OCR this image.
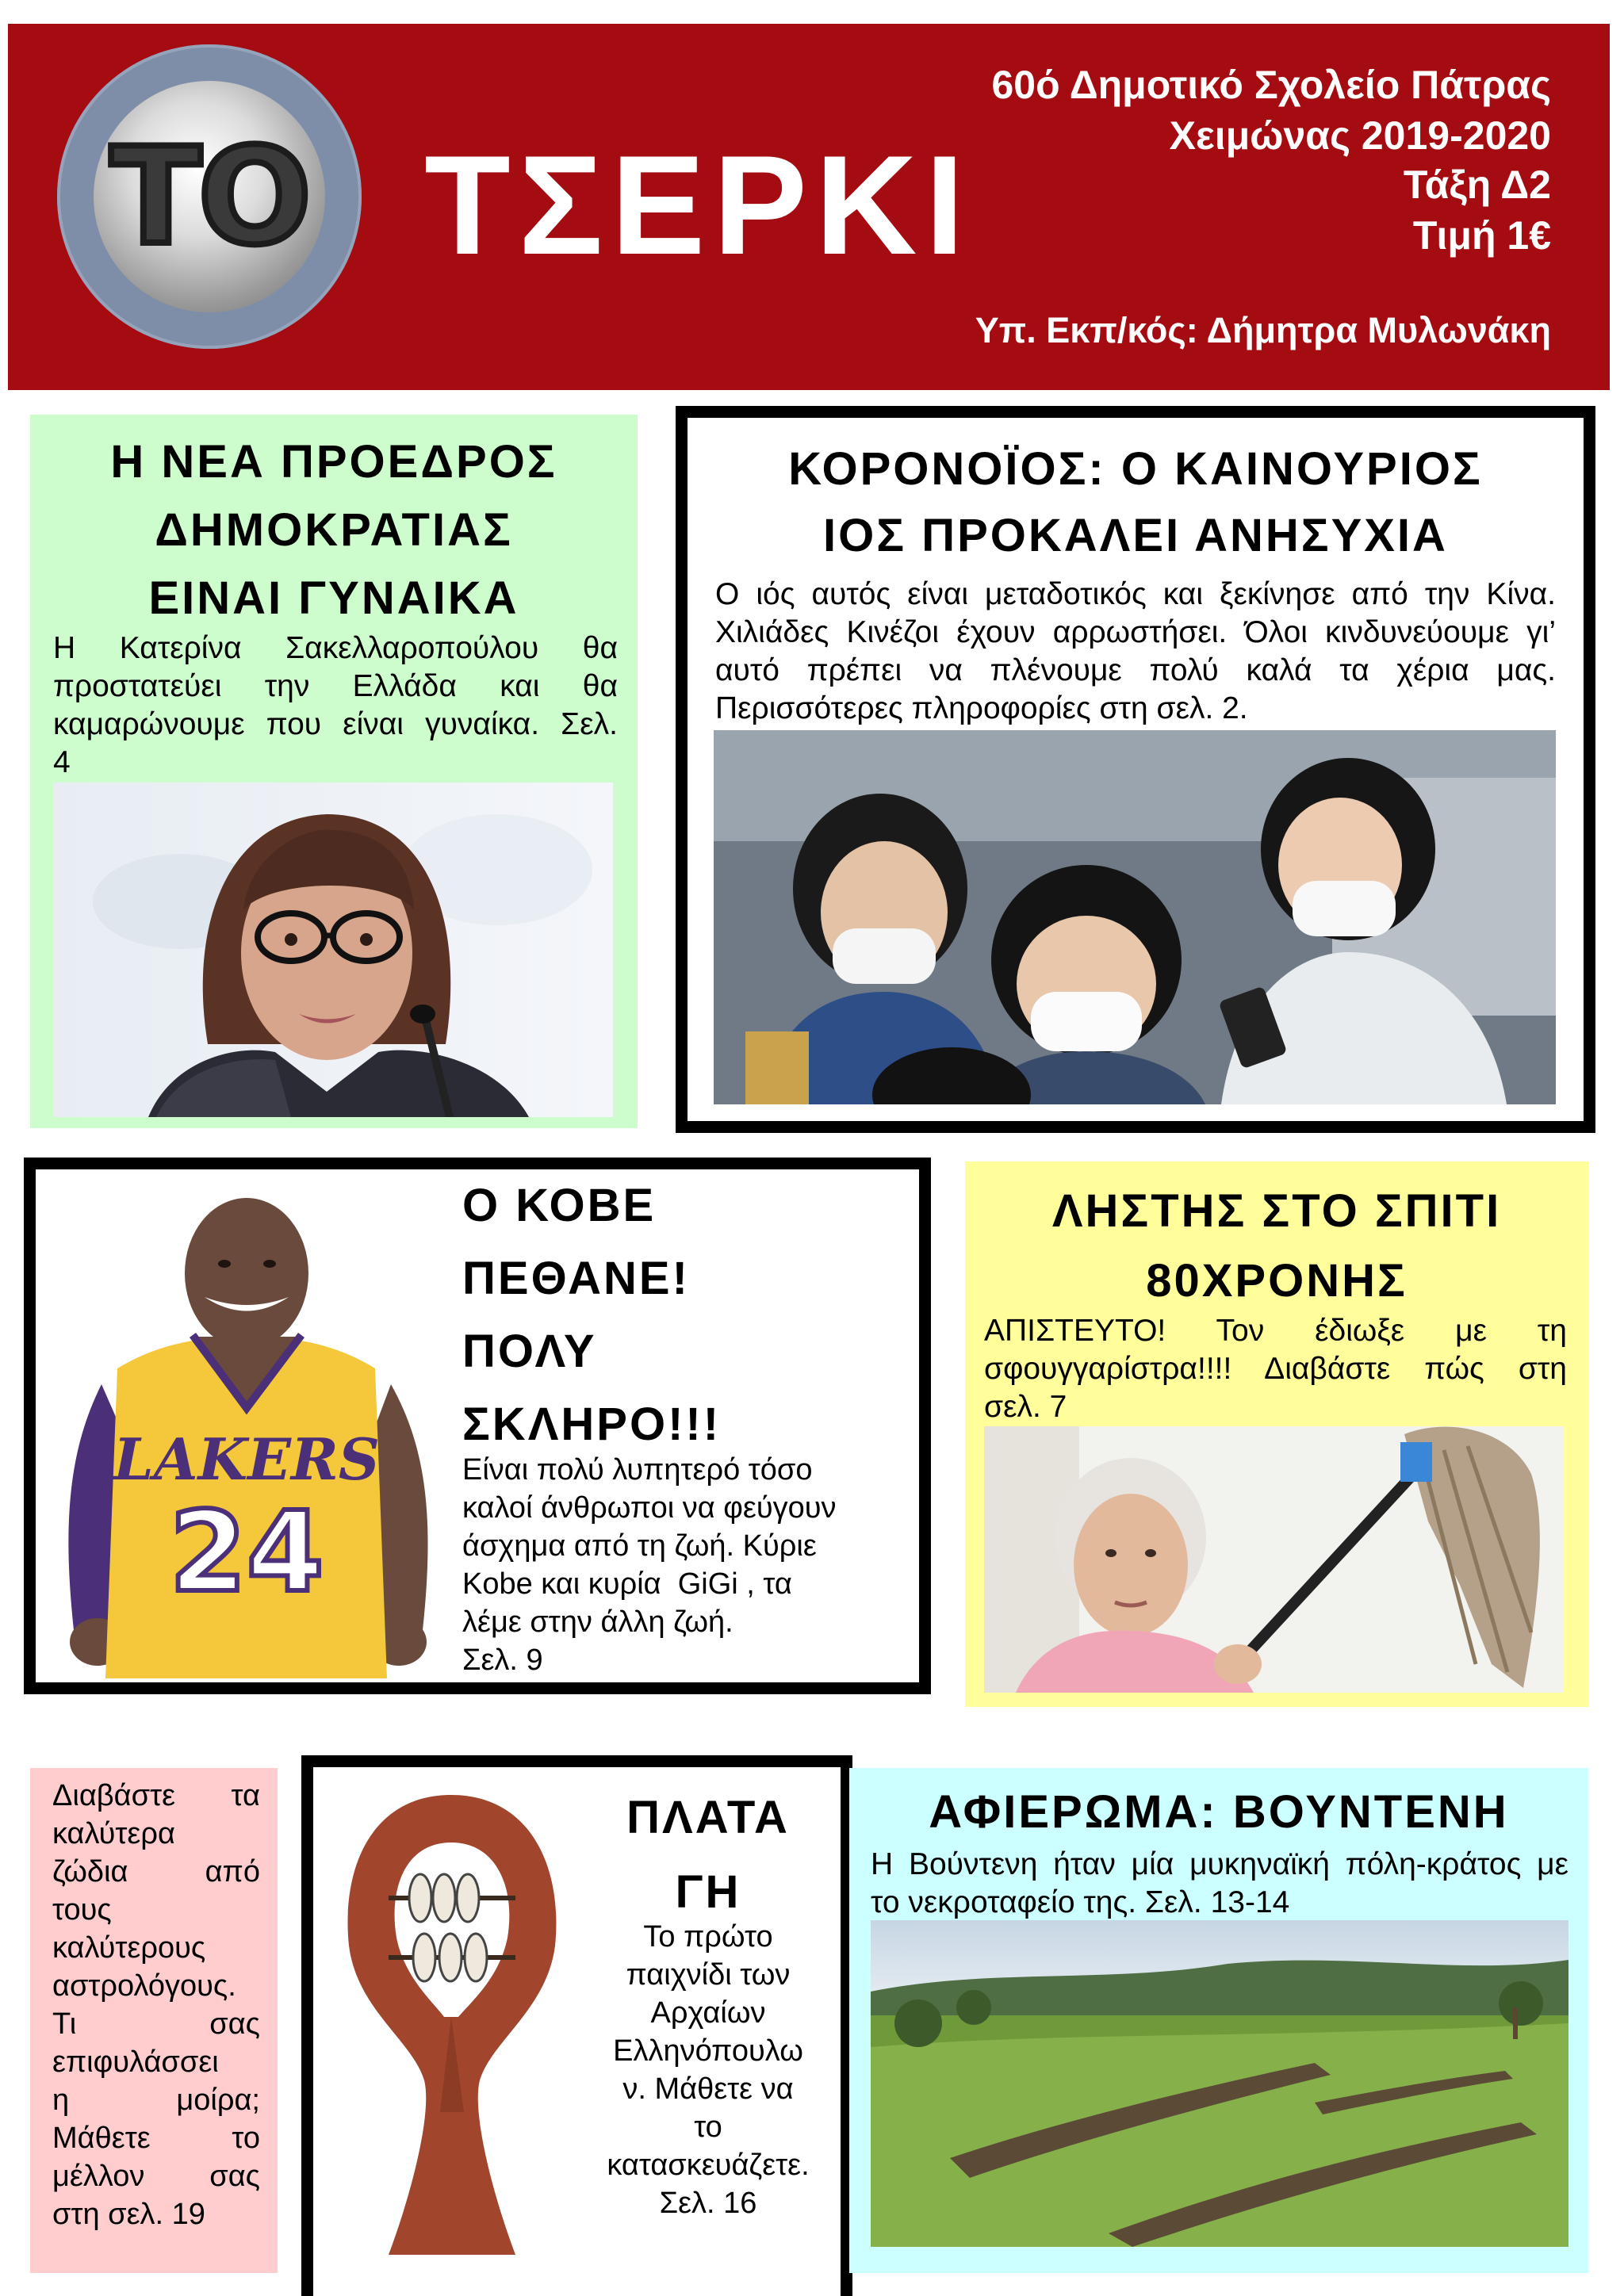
TO ΤΣΕΡΚΙ
60ό Δημοτικό Σχολείο Πάτρας
Χειμώνας 2019-2020
Τάξη Δ2
Τιμή 1€
Υπ. Εκπ/κός: Δήμητρα Μυλωνάκη
Η ΝΕΑ ΠΡΟΕΔΡΟΣ
ΔΗΜΟΚΡΑΤΙΑΣ
ΕΙΝΑΙ ΓΥΝΑΙΚΑ
Η Κατερίνα Σακελλαροπούλου θα
προστατεύει την Ελλάδα και θα
καμαρώνουμε που είναι γυναίκα. Σελ.
4
ΚΟΡΟΝΟΪΟΣ: Ο ΚΑΙΝΟΥΡΙΟΣ
ΙΟΣ ΠΡΟΚΑΛΕΙ ΑΝΗΣΥΧΙΑ
Ο ιός αυτός είναι μεταδοτικός και ξεκίνησε από την Κίνα.
Χιλιάδες Κινέζοι έχουν αρρωστήσει. Όλοι κινδυνεύουμε γι’
αυτό πρέπει να πλένουμε πολύ καλά τα χέρια μας.
Περισσότερες πληροφορίες στη σελ. 2.
LAKERS
24
Ο ΚΟΒΕ
ΠΕΘΑΝΕ!
ΠΟΛΥ
ΣΚΛΗΡΟ!!!
Είναι πολύ λυπητερό τόσο
καλοί άνθρωποι να φεύγουν
άσχημα από τη ζωή. Κύριε
Kobe και κυρία  GiGi , τα
λέμε στην άλλη ζωή.
Σελ. 9
ΛΗΣΤΗΣ ΣΤΟ ΣΠΙΤΙ
80ΧΡΟΝΗΣ
ΑΠΙΣΤΕΥΤΟ! Τον έδιωξε με τη
σφουγγαρίστρα!!!! Διαβάστε πώς στη
σελ. 7
Διαβάστε τα
καλύτερα
ζώδια από
τους
καλύτερους
αστρολόγους.
Τι σας
επιφυλάσσει
η μοίρα;
Μάθετε το
μέλλον σας
στη σελ. 19
ΠΛΑΤΑ
ΓΗ
Το πρώτο
παιχνίδι των
Αρχαίων
Ελληνόπουλω
ν. Μάθετε να
το
κατασκευάζετε.
Σελ. 16
ΑΦΙΕΡΩΜΑ: ΒΟΥΝΤΕΝΗ
Η Βούντενη ήταν μία μυκηναϊκή πόλη-κράτος με
το νεκροταφείο της. Σελ. 13-14
